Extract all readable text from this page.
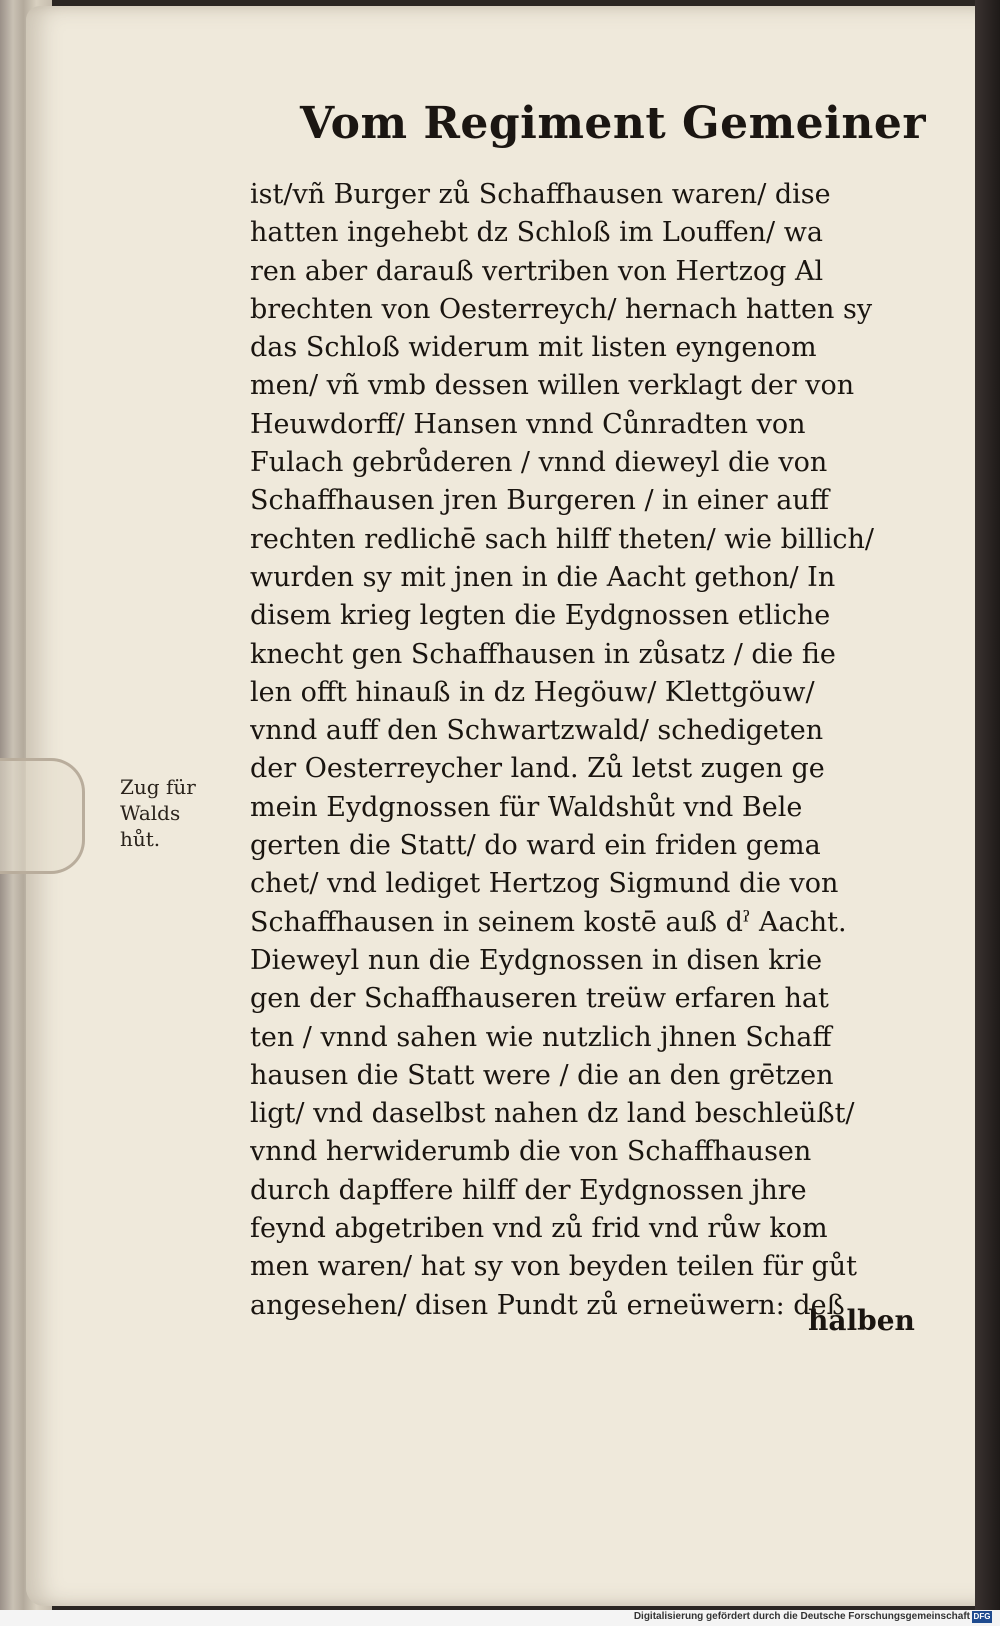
Vom Regiment Gemeiner
Zug für
Walds
hůt.
ist/vñ Burger zů Schaffhausen waren/ dise
hatten ingehebt dz Schloß im Louffen/ wa
ren aber darauß vertriben von Hertzog Al
brechten von Oesterreych/ hernach hatten sy
das Schloß widerum mit listen eyngenom
men/ vñ vmb dessen willen verklagt der von
Heuwdorff/ Hansen vnnd Cůnradten von
Fulach gebrůderen / vnnd dieweyl die von
Schaffhausen jren Burgeren / in einer auff
rechten redlichē sach hilff theten/ wie billich/
wurden sy mit jnen in die Aacht gethon/ In
disem krieg legten die Eydgnossen etliche
knecht gen Schaffhausen in zůsatz / die fie
len offt hinauß in dz Hegöuw/ Klettgöuw/
vnnd auff den Schwartzwald/ schedigeten
der Oesterreycher land. Zů letst zugen ge
mein Eydgnossen für Waldshůt vnd Bele
gerten die Statt/ do ward ein friden gema
chet/ vnd lediget Hertzog Sigmund die von
Schaffhausen in seinem kostē auß dˀ Aacht.
Dieweyl nun die Eydgnossen in disen krie
gen der Schaffhauseren treüw erfaren hat
ten / vnnd sahen wie nutzlich jhnen Schaff
hausen die Statt were / die an den grētzen
ligt/ vnd daselbst nahen dz land beschleüßt/
vnnd herwiderumb die von Schaffhausen
durch dapffere hilff der Eydgnossen jhre
feynd abgetriben vnd zů frid vnd růw kom
men waren/ hat sy von beyden teilen für gůt
angesehen/ disen Pundt zů erneüwern: deß
halben
Digitalisierung gefördert durch die Deutsche Forschungsgemeinschaft DFG
